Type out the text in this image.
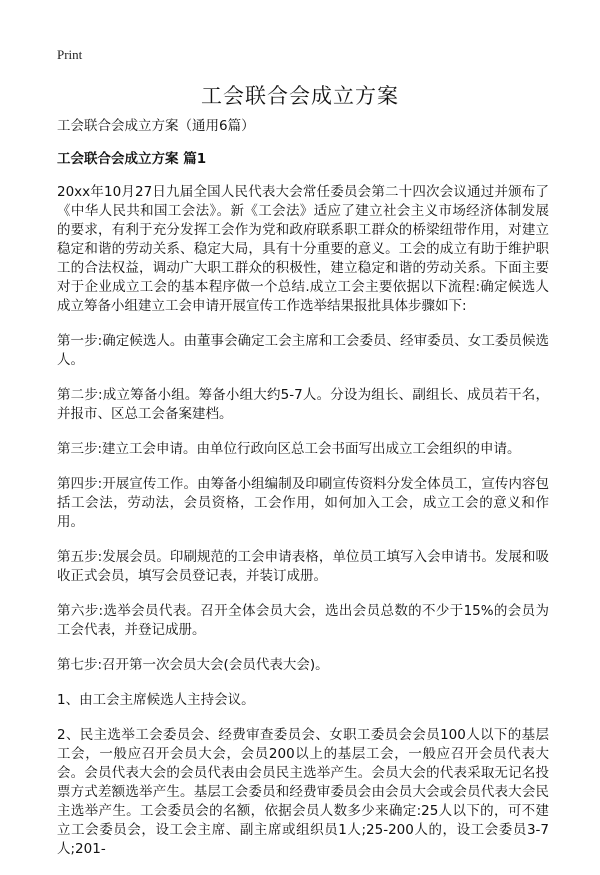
Print
工会联合会成立方案

工会联合会成立方案（通用6篇）

工会联合会成立方案 篇1

20xx年10月27日九届全国人民代表大会常任委员会第二十四次会议通过并颁布了《中华人民共和国工会法》。新《工会法》适应了建立社会主义市场经济体制发展的要求，有利于充分发挥工会作为党和政府联系职工群众的桥梁纽带作用，对建立稳定和谐的劳动关系、稳定大局，具有十分重要的意义。工会的成立有助于维护职工的合法权益，调动广大职工群众的积极性，建立稳定和谐的劳动关系。下面主要对于企业成立工会的基本程序做一个总结.成立工会主要依据以下流程:确定候选人成立筹备小组建立工会申请开展宣传工作选举结果报批具体步骤如下:

第一步:确定候选人。由董事会确定工会主席和工会委员、经审委员、女工委员候选人。

第二步:成立筹备小组。筹备小组大约5-7人。分设为组长、副组长、成员若干名，并报市、区总工会备案建档。

第三步:建立工会申请。由单位行政向区总工会书面写出成立工会组织的申请。

第四步:开展宣传工作。由筹备小组编制及印刷宣传资料分发全体员工，宣传内容包括工会法，劳动法，会员资格，工会作用，如何加入工会，成立工会的意义和作用。

第五步:发展会员。印刷规范的工会申请表格，单位员工填写入会申请书。发展和吸收正式会员，填写会员登记表，并装订成册。

第六步:选举会员代表。召开全体会员大会，选出会员总数的不少于15%的会员为工会代表，并登记成册。

第七步:召开第一次会员大会(会员代表大会)。

1、由工会主席候选人主持会议。

2、民主选举工会委员会、经费审查委员会、女职工委员会会员100人以下的基层工会，一般应召开会员大会，会员200以上的基层工会，一般应召开会员代表大会。会员代表大会的会员代表由会员民主选举产生。会员大会的代表采取无记名投票方式差额选举产生。基层工会委员和经费审委员会由会员大会或会员代表大会民主选举产生。工会委员会的名额，依据会员人数多少来确定:25人以下的，可不建立工会委员会，设工会主席、副主席或组织员1人;25-200人的，设工会委员3-7人;201-
